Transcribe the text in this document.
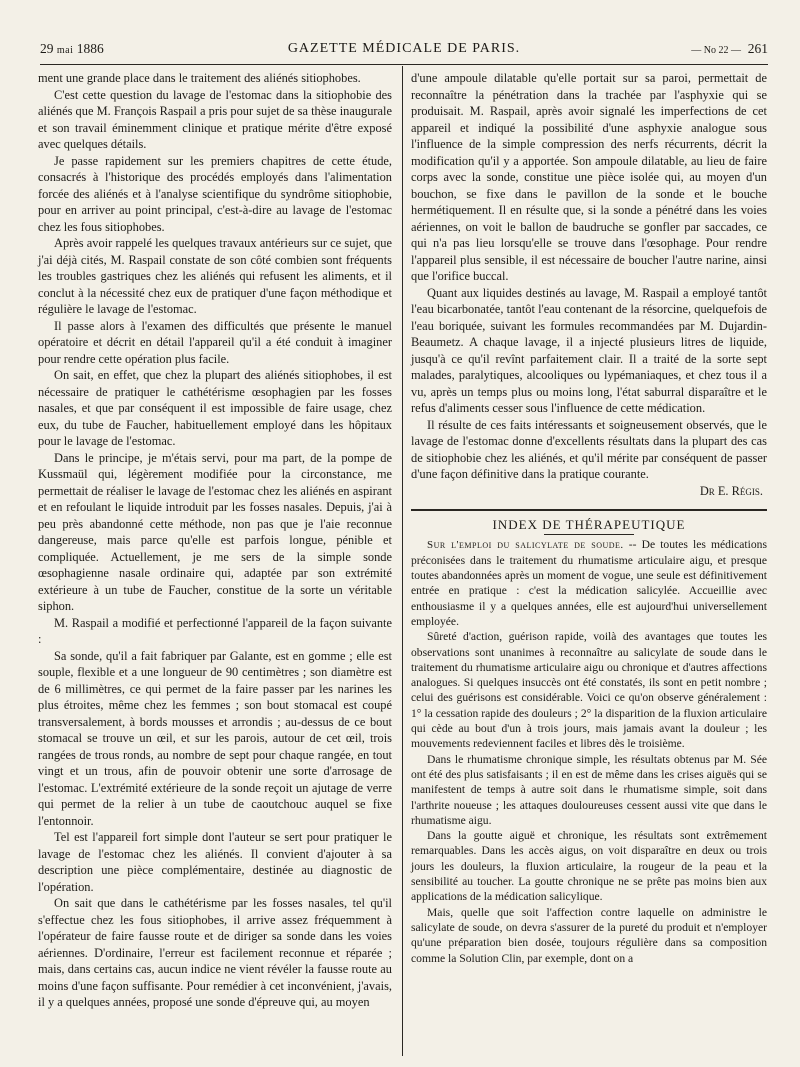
29 mai 1886	GAZETTE MÉDICALE DE PARIS.	— No 22 — 261

ment une grande place dans le traitement des aliénés sitiophobes.

C'est cette question du lavage de l'estomac dans la sitiophobie des aliénés que M. François Raspail a pris pour sujet de sa thèse inaugurale et son travail éminemment clinique et pratique mérite d'être exposé avec quelques détails.

Je passe rapidement sur les premiers chapitres de cette étude, consacrés à l'historique des procédés employés dans l'alimentation forcée des aliénés et à l'analyse scientifique du syndrôme sitiophobie, pour en arriver au point principal, c'est-à-dire au lavage de l'estomac chez les fous sitiophobes.

Après avoir rappelé les quelques travaux antérieurs sur ce sujet, que j'ai déjà cités, M. Raspail constate de son côté combien sont fréquents les troubles gastriques chez les aliénés qui refusent les aliments, et il conclut à la nécessité chez eux de pratiquer d'une façon méthodique et régulière le lavage de l'estomac.

Il passe alors à l'examen des difficultés que présente le manuel opératoire et décrit en détail l'appareil qu'il a été conduit à imaginer pour rendre cette opération plus facile.

On sait, en effet, que chez la plupart des aliénés sitiophobes, il est nécessaire de pratiquer le cathétérisme œsophagien par les fosses nasales, et que par conséquent il est impossible de faire usage, chez eux, du tube de Faucher, habituellement employé dans les hôpitaux pour le lavage de l'estomac.

Dans le principe, je m'étais servi, pour ma part, de la pompe de Kussmaül qui, légèrement modifiée pour la circonstance, me permettait de réaliser le lavage de l'estomac chez les aliénés en aspirant et en refoulant le liquide introduit par les fosses nasales. Depuis, j'ai à peu près abandonné cette méthode, non pas que je l'aie reconnue dangereuse, mais parce qu'elle est parfois longue, pénible et compliquée. Actuellement, je me sers de la simple sonde œsophagienne nasale ordinaire qui, adaptée par son extrémité extérieure à un tube de Faucher, constitue de la sorte un véritable siphon.

M. Raspail a modifié et perfectionné l'appareil de la façon suivante :

Sa sonde, qu'il a fait fabriquer par Galante, est en gomme ; elle est souple, flexible et a une longueur de 90 centimètres ; son diamètre est de 6 millimètres, ce qui permet de la faire passer par les narines les plus étroites, même chez les femmes ; son bout stomacal est coupé transversalement, à bords mousses et arrondis ; au-dessus de ce bout stomacal se trouve un œil, et sur les parois, autour de cet œil, trois rangées de trous ronds, au nombre de sept pour chaque rangée, en tout vingt et un trous, afin de pouvoir obtenir une sorte d'arrosage de l'estomac. L'extrémité extérieure de la sonde reçoit un ajutage de verre qui permet de la relier à un tube de caoutchouc auquel se fixe l'entonnoir.

Tel est l'appareil fort simple dont l'auteur se sert pour pratiquer le lavage de l'estomac chez les aliénés. Il convient d'ajouter à sa description une pièce complémentaire, destinée au diagnostic de l'opération.

On sait que dans le cathétérisme par les fosses nasales, tel qu'il s'effectue chez les fous sitiophobes, il arrive assez fréquemment à l'opérateur de faire fausse route et de diriger sa sonde dans les voies aériennes. D'ordinaire, l'erreur est facilement reconnue et réparée ; mais, dans certains cas, aucun indice ne vient révéler la fausse route au moins d'une façon suffisante. Pour remédier à cet inconvénient, j'avais, il y a quelques années, proposé une sonde d'épreuve qui, au moyen

d'une ampoule dilatable qu'elle portait sur sa paroi, permettait de reconnaître la pénétration dans la trachée par l'asphyxie qui se produisait. M. Raspail, après avoir signalé les imperfections de cet appareil et indiqué la possibilité d'une asphyxie analogue sous l'influence de la simple compression des nerfs récurrents, décrit la modification qu'il y a apportée. Son ampoule dilatable, au lieu de faire corps avec la sonde, constitue une pièce isolée qui, au moyen d'un bouchon, se fixe dans le pavillon de la sonde et le bouche hermétiquement. Il en résulte que, si la sonde a pénétré dans les voies aériennes, on voit le ballon de baudruche se gonfler par saccades, ce qui n'a pas lieu lorsqu'elle se trouve dans l'œsophage. Pour rendre l'appareil plus sensible, il est nécessaire de boucher l'autre narine, ainsi que l'orifice buccal.

Quant aux liquides destinés au lavage, M. Raspail a employé tantôt l'eau bicarbonatée, tantôt l'eau contenant de la résorcine, quelquefois de l'eau boriquée, suivant les formules recommandées par M. Dujardin-Beaumetz. A chaque lavage, il a injecté plusieurs litres de liquide, jusqu'à ce qu'il revînt parfaitement clair. Il a traité de la sorte sept malades, paralytiques, alcooliques ou lypémaniaques, et chez tous il a vu, après un temps plus ou moins long, l'état saburral disparaître et le refus d'aliments cesser sous l'influence de cette médication.

Il résulte de ces faits intéressants et soigneusement observés, que le lavage de l'estomac donne d'excellents résultats dans la plupart des cas de sitiophobie chez les aliénés, et qu'il mérite par conséquent de passer d'une façon définitive dans la pratique courante.

Dr E. Régis.

INDEX DE THÉRAPEUTIQUE

Sur l'emploi du salicylate de soude. -- De toutes les médications préconisées dans le traitement du rhumatisme articulaire aigu, et presque toutes abandonnées après un moment de vogue, une seule est définitivement entrée en pratique : c'est la médication salicylée. Accueillie avec enthousiasme il y a quelques années, elle est aujourd'hui universellement employée.

Sûreté d'action, guérison rapide, voilà des avantages que toutes les observations sont unanimes à reconnaître au salicylate de soude dans le traitement du rhumatisme articulaire aigu ou chronique et d'autres affections analogues. Si quelques insuccès ont été constatés, ils sont en petit nombre ; celui des guérisons est considérable. Voici ce qu'on observe généralement : 1° la cessation rapide des douleurs ; 2° la disparition de la fluxion articulaire qui cède au bout d'un à trois jours, mais jamais avant la douleur ; les mouvements redeviennent faciles et libres dès le troisième.

Dans le rhumatisme chronique simple, les résultats obtenus par M. Sée ont été des plus satisfaisants ; il en est de même dans les crises aiguës qui se manifestent de temps à autre soit dans le rhumatisme simple, soit dans l'arthrite noueuse ; les attaques douloureuses cessent aussi vite que dans le rhumatisme aigu.

Dans la goutte aiguë et chronique, les résultats sont extrêmement remarquables. Dans les accès aigus, on voit disparaître en deux ou trois jours les douleurs, la fluxion articulaire, la rougeur de la peau et la sensibilité au toucher. La goutte chronique ne se prête pas moins bien aux applications de la médication salicylique.

Mais, quelle que soit l'affection contre laquelle on administre le salicylate de soude, on devra s'assurer de la pureté du produit et n'employer qu'une préparation bien dosée, toujours régulière dans sa composition comme la Solution Clin, par exemple, dont on a
